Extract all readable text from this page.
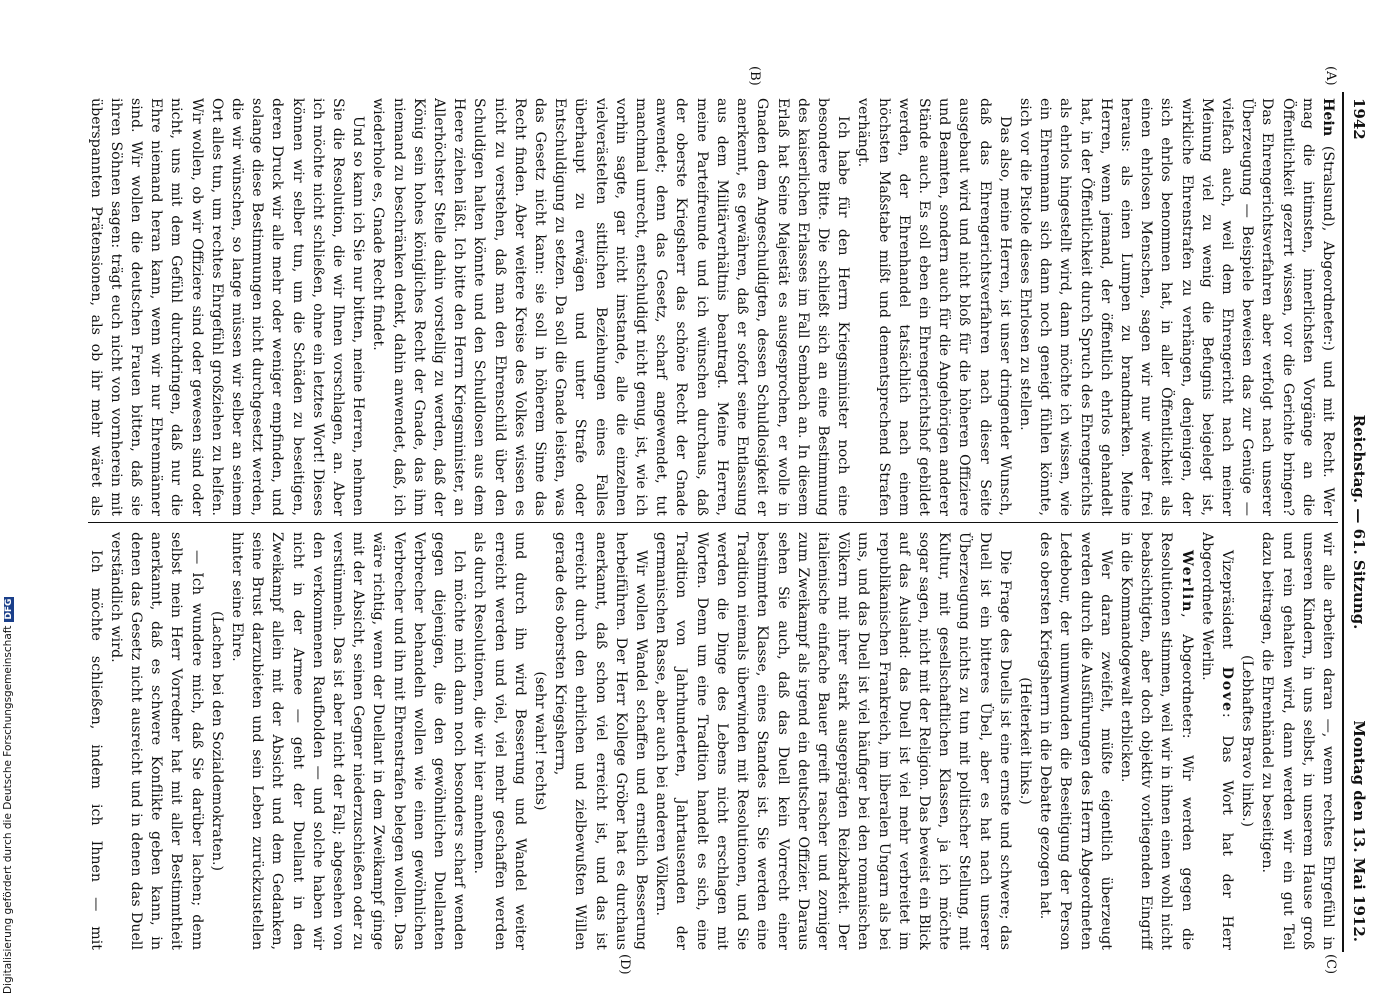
1942
Reichstag. — 61. Sitzung.
Montag den 13. Mai 1912.
(A)
(B)
(C)
(D)

Hein (Stralsund), Abgeordneter:) und mit Recht. Wer mag die intimsten, innerlichsten Vorgänge an die Öffentlichkeit gezerrt wissen, vor die Gerichte bringen? Das Ehrengerichtsverfahren aber verfolgt nach unserer Überzeugung — Beispiele beweisen das zur Genüge — vielfach auch, weil dem Ehrengericht nach meiner Meinung viel zu wenig die Befugnis beigelegt ist, wirkliche Ehrenstrafen zu verhängen, denjenigen, der sich ehrlos benommen hat, in aller Öffentlichkeit als einen ehrlosen Menschen, sagen wir nur wieder frei heraus: als einen Lumpen zu brandmarken. Meine Herren, wenn jemand, der öffentlich ehrlos gehandelt hat, in der Öffentlichkeit durch Spruch des Ehrengerichts als ehrlos hingestellt wird, dann möchte ich wissen, wie ein Ehrenmann sich dann noch geneigt fühlen könnte, sich vor die Pistole dieses Ehrlosen zu stellen.

Das also, meine Herren, ist unser dringender Wunsch, daß das Ehrengerichtsverfahren nach dieser Seite ausgebaut wird und nicht bloß für die höheren Offiziere und Beamten, sondern auch für die Angehörigen anderer Stände auch. Es soll eben ein Ehrengerichtshof gebildet werden, der Ehrenhandel tatsächlich nach einem höchsten Maßstabe mißt und dementsprechend Strafen verhängt.

Ich habe für den Herrn Kriegsminister noch eine besondere Bitte. Die schließt sich an eine Bestimmung des kaiserlichen Erlasses im Fall Sembach an. In diesem Erlaß hat Seine Majestät es ausgesprochen, er wolle in Gnaden dem Angeschuldigten, dessen Schuldlosigkeit er anerkennt, es gewähren, daß er sofort seine Entlassung aus dem Militärverhältnis beantragt. Meine Herren, meine Parteifreunde und ich wünschen durchaus, daß der oberste Kriegsherr das schöne Recht der Gnade anwendet; denn das Gesetz, scharf angewendet, tut manchmal unrecht, entschuldigt nicht genug, ist, wie ich vorhin sagte, gar nicht imstande, alle die einzelnen vielverästelten sittlichen Beziehungen eines Falles überhaupt zu erwägen und unter Strafe oder Entschuldigung zu setzen. Da soll die Gnade leisten, was das Gesetz nicht kann: sie soll in höherem Sinne das Recht finden. Aber weitere Kreise des Volkes wissen es nicht zu verstehen, daß man den Ehrenschild über den Schuldigen halten könnte und den Schuldlosen aus dem Heere ziehen läßt. Ich bitte den Herrn Kriegsminister, an Allerhöchster Stelle dahin vorstellig zu werden, daß der König sein hohes königliches Recht der Gnade, das ihm niemand zu beschränken denkt, dahin anwendet, daß, ich wiederhole es, Gnade Recht findet.

Und so kann ich Sie nur bitten, meine Herren, nehmen Sie die Resolution, die wir Ihnen vorschlagen, an. Aber ich möchte nicht schließen, ohne ein letztes Wort! Dieses können wir selber tun, um die Schäden zu beseitigen, deren Druck wir alle mehr oder weniger empfinden, und solange diese Bestimmungen nicht durchgesetzt werden, die wir wünschen, so lange müssen wir selber an seinem Ort alles tun, um rechtes Ehrgefühl großziehen zu helfen. Wir wollen, ob wir Offiziere sind oder gewesen sind oder nicht, uns mit dem Gefühl durchdringen, daß nur die Ehre niemand heran kann, wenn wir nur Ehrenmänner sind. Wir wollen die deutschen Frauen bitten, daß sie ihren Söhnen sagen: trägt euch nicht von vornherein mit überspannten Prätensionen, als ob ihr mehr wäret als

wir alle arbeiten daran —, wenn rechtes Ehrgefühl in unseren Kindern, in uns selbst, in unserem Hause groß und rein gehalten wird, dann werden wir ein gut Teil dazu beitragen, die Ehrenhändel zu beseitigen.

(Lebhaftes Bravo links.)

Vizepräsident Dove: Das Wort hat der Herr Abgeordnete Werlin.

Werlin, Abgeordneter: Wir werden gegen die Resolutionen stimmen, weil wir in ihnen einen wohl nicht beabsichtigten, aber doch objektiv vorliegenden Eingriff in die Kommandogewalt erblicken.

Wer daran zweifelt, müßte eigentlich überzeugt werden durch die Ausführungen des Herrn Abgeordneten Ledebour, der unumwunden die Beseitigung der Person des obersten Kriegsherrn in die Debatte gezogen hat.

(Heiterkeit links.)

Die Frage des Duells ist eine ernste und schwere; das Duell ist ein bitteres Übel, aber es hat nach unserer Überzeugung nichts zu tun mit politischer Stellung, mit Kultur, mit gesellschaftlichen Klassen, ja ich möchte sogar sagen, nicht mit der Religion. Das beweist ein Blick auf das Ausland: das Duell ist viel mehr verbreitet im republikanischen Frankreich, im liberalen Ungarn als bei uns, und das Duell ist viel häufiger bei den romanischen Völkern mit ihrer stark ausgeprägten Reizbarkeit. Der italienische einfache Bauer greift rascher und zorniger zum Zweikampf als irgend ein deutscher Offizier. Daraus sehen Sie auch, daß das Duell kein Vorrecht einer bestimmten Klasse, eines Standes ist. Sie werden eine Tradition niemals überwinden mit Resolutionen, und Sie werden die Dinge des Lebens nicht erschlagen mit Worten. Denn um eine Tradition handelt es sich, eine Tradition von Jahrhunderten, Jahrtausenden der germanischen Rasse, aber auch bei anderen Völkern.

Wir wollen Wandel schaffen und ernstlich Besserung herbeiführen. Der Herr Kollege Gröber hat es durchaus anerkannt, daß schon viel erreicht ist, und das ist erreicht durch den ehrlichen und zielbewußten Willen gerade des obersten Kriegsherrn,

(sehr wahr! rechts)

und durch ihn wird Besserung und Wandel weiter erreicht werden und viel, viel mehr geschaffen werden als durch Resolutionen, die wir hier annehmen.

Ich möchte mich dann noch besonders scharf wenden gegen diejenigen, die den gewöhnlichen Duellanten Verbrecher behandeln wollen wie einen gewöhnlichen Verbrecher und ihn mit Ehrenstrafen belegen wollen. Das wäre richtig, wenn der Duellant in dem Zweikampf ginge mit der Absicht, seinen Gegner niederzuschießen oder zu verstümmeln. Das ist aber nicht der Fall; abgesehen von den verkommenen Raufbolden — und solche haben wir nicht in der Armee — geht der Duellant in den Zweikampf allein mit der Absicht und dem Gedanken, seine Brust darzubieten und sein Leben zurückzustellen hinter seine Ehre.

(Lachen bei den Sozialdemokraten.)

— Ich wundere mich, daß Sie darüber lachen; denn selbst mein Herr Vorredner hat mit aller Bestimmtheit anerkannt, daß es schwere Konflikte geben kann, in denen das Gesetz nicht ausreicht und in denen das Duell verständlich wird.

Ich möchte schließen, indem ich Ihnen — mit

Digitalisierung gefördert durch die Deutsche ForschungsgemeinschaftDFG
